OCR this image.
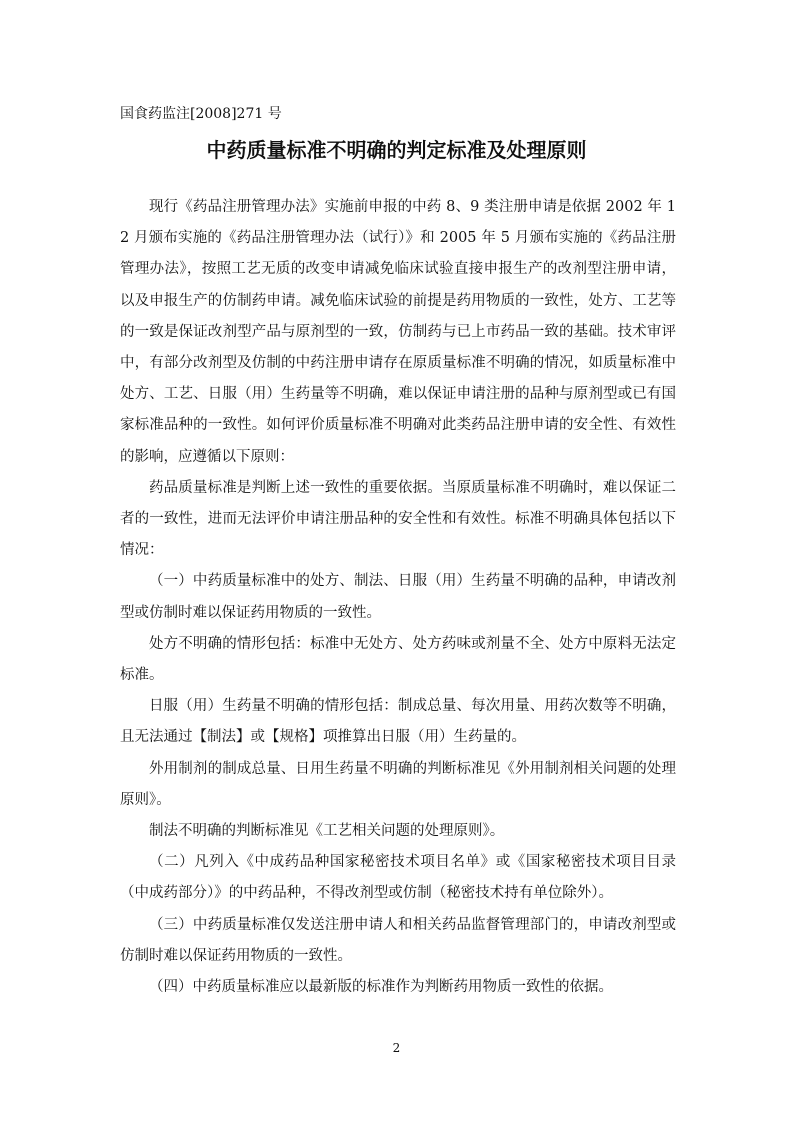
国食药监注[2008]271 号
中药质量标准不明确的判定标准及处理原则

现行《药品注册管理办法》实施前申报的中药 8、9 类注册申请是依据 2002 年 12 月颁布实施的《药品注册管理办法（试行）》和 2005 年 5 月颁布实施的《药品注册管理办法》，按照工艺无质的改变申请减免临床试验直接申报生产的改剂型注册申请，以及申报生产的仿制药申请。减免临床试验的前提是药用物质的一致性，处方、工艺等的一致是保证改剂型产品与原剂型的一致，仿制药与已上市药品一致的基础。技术审评中，有部分改剂型及仿制的中药注册申请存在原质量标准不明确的情况，如质量标准中处方、工艺、日服（用）生药量等不明确，难以保证申请注册的品种与原剂型或已有国家标准品种的一致性。如何评价质量标准不明确对此类药品注册申请的安全性、有效性的影响，应遵循以下原则：

药品质量标准是判断上述一致性的重要依据。当原质量标准不明确时，难以保证二者的一致性，进而无法评价申请注册品种的安全性和有效性。标准不明确具体包括以下情况：

（一）中药质量标准中的处方、制法、日服（用）生药量不明确的品种，申请改剂型或仿制时难以保证药用物质的一致性。

处方不明确的情形包括：标准中无处方、处方药味或剂量不全、处方中原料无法定标准。

日服（用）生药量不明确的情形包括：制成总量、每次用量、用药次数等不明确，且无法通过【制法】或【规格】项推算出日服（用）生药量的。

外用制剂的制成总量、日用生药量不明确的判断标准见《外用制剂相关问题的处理原则》。

制法不明确的判断标准见《工艺相关问题的处理原则》。

（二）凡列入《中成药品种国家秘密技术项目名单》或《国家秘密技术项目目录（中成药部分）》的中药品种，不得改剂型或仿制（秘密技术持有单位除外）。

（三）中药质量标准仅发送注册申请人和相关药品监督管理部门的，申请改剂型或仿制时难以保证药用物质的一致性。

（四）中药质量标准应以最新版的标准作为判断药用物质一致性的依据。

2
